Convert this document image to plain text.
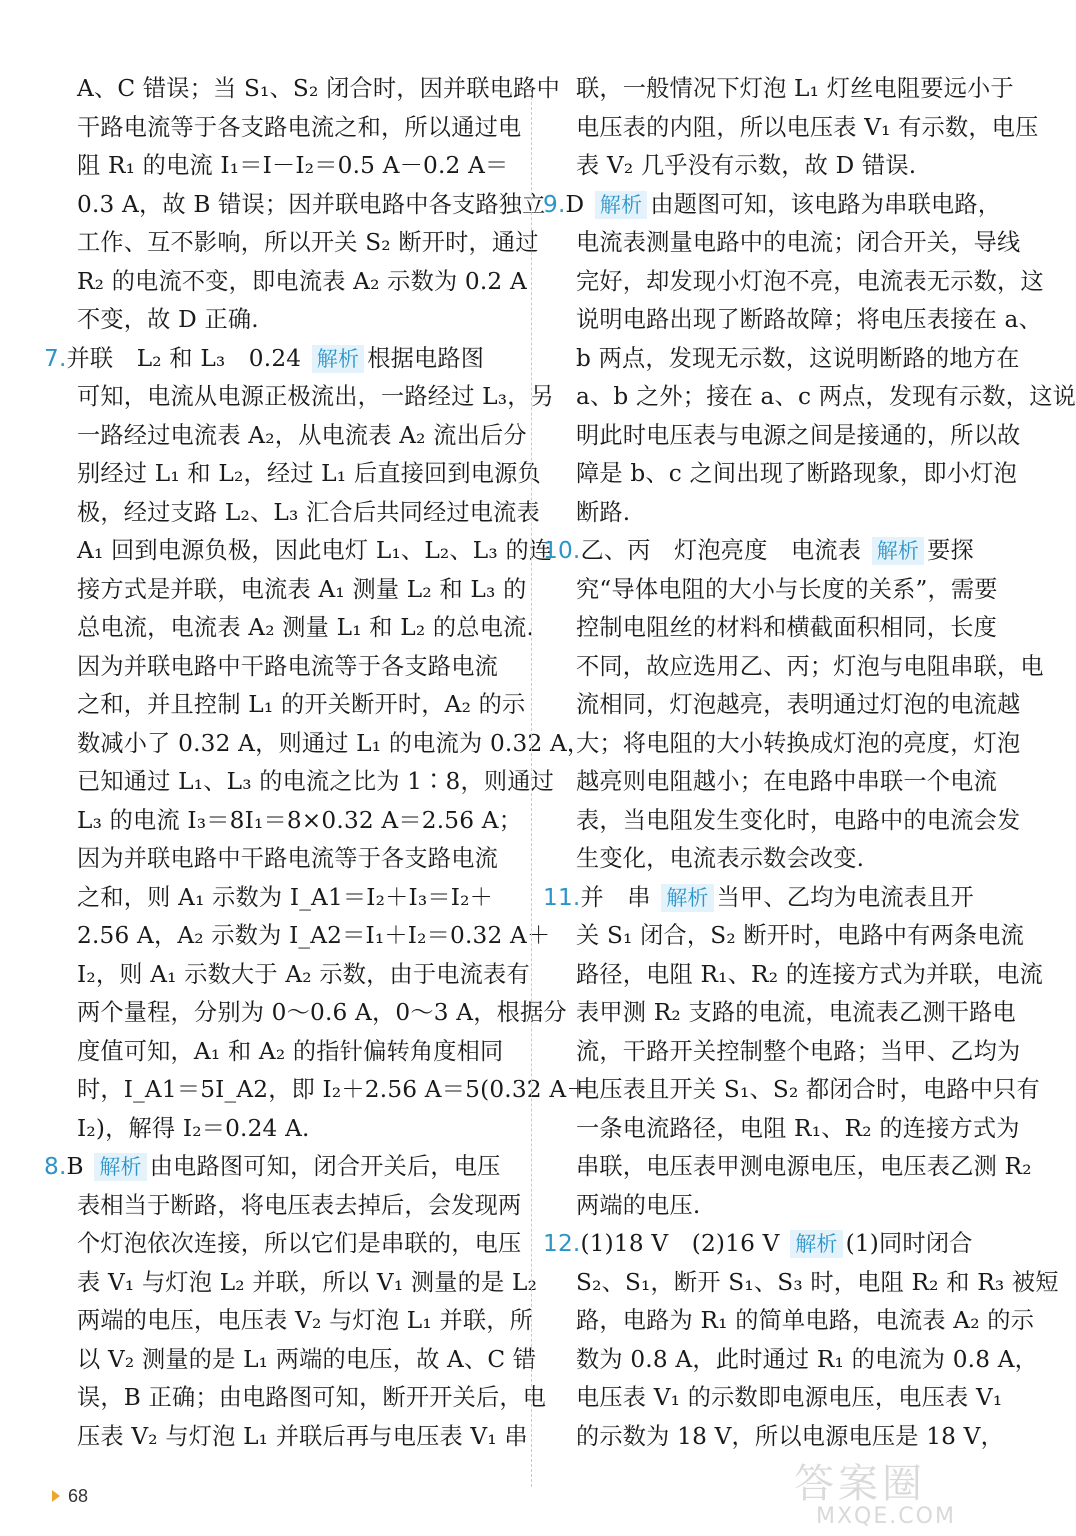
A、C 错误；当 S₁、S₂ 闭合时，因并联电路中
干路电流等于各支路电流之和，所以通过电
阻 R₁ 的电流 I₁＝I－I₂＝0.5 A－0.2 A＝
0.3 A，故 B 错误；因并联电路中各支路独立
工作、互不影响，所以开关 S₂ 断开时，通过
R₂ 的电流不变，即电流表 A₂ 示数为 0.2 A
不变，故 D 正确.
7.并联　L₂ 和 L₃　0.24 解析 根据电路图
可知，电流从电源正极流出，一路经过 L₃，另
一路经过电流表 A₂，从电流表 A₂ 流出后分
别经过 L₁ 和 L₂，经过 L₁ 后直接回到电源负
极，经过支路 L₂、L₃ 汇合后共同经过电流表
A₁ 回到电源负极，因此电灯 L₁、L₂、L₃ 的连
接方式是并联，电流表 A₁ 测量 L₂ 和 L₃ 的
总电流，电流表 A₂ 测量 L₁ 和 L₂ 的总电流.
因为并联电路中干路电流等于各支路电流
之和，并且控制 L₁ 的开关断开时，A₂ 的示
数减小了 0.32 A，则通过 L₁ 的电流为 0.32 A，
已知通过 L₁、L₃ 的电流之比为 1∶8，则通过
L₃ 的电流 I₃＝8I₁＝8×0.32 A＝2.56 A；
因为并联电路中干路电流等于各支路电流
之和，则 A₁ 示数为 I_A1＝I₂＋I₃＝I₂＋
2.56 A，A₂ 示数为 I_A2＝I₁＋I₂＝0.32 A＋
I₂，则 A₁ 示数大于 A₂ 示数，由于电流表有
两个量程，分别为 0～0.6 A，0～3 A，根据分
度值可知，A₁ 和 A₂ 的指针偏转角度相同
时，I_A1＝5I_A2，即 I₂＋2.56 A＝5(0.32 A＋
I₂)，解得 I₂＝0.24 A.
8.B 解析 由电路图可知，闭合开关后，电压
表相当于断路，将电压表去掉后，会发现两
个灯泡依次连接，所以它们是串联的，电压
表 V₁ 与灯泡 L₂ 并联，所以 V₁ 测量的是 L₂
两端的电压，电压表 V₂ 与灯泡 L₁ 并联，所
以 V₂ 测量的是 L₁ 两端的电压，故 A、C 错
误，B 正确；由电路图可知，断开开关后，电
压表 V₂ 与灯泡 L₁ 并联后再与电压表 V₁ 串
联，一般情况下灯泡 L₁ 灯丝电阻要远小于
电压表的内阻，所以电压表 V₁ 有示数，电压
表 V₂ 几乎没有示数，故 D 错误.
9.D 解析 由题图可知，该电路为串联电路，
电流表测量电路中的电流；闭合开关，导线
完好，却发现小灯泡不亮，电流表无示数，这
说明电路出现了断路故障；将电压表接在 a、
b 两点，发现无示数，这说明断路的地方在
a、b 之外；接在 a、c 两点，发现有示数，这说
明此时电压表与电源之间是接通的，所以故
障是 b、c 之间出现了断路现象，即小灯泡
断路.
10.乙、丙　灯泡亮度　电流表 解析 要探
究“导体电阻的大小与长度的关系”，需要
控制电阻丝的材料和横截面积相同，长度
不同，故应选用乙、丙；灯泡与电阻串联，电
流相同，灯泡越亮，表明通过灯泡的电流越
大；将电阻的大小转换成灯泡的亮度，灯泡
越亮则电阻越小；在电路中串联一个电流
表，当电阻发生变化时，电路中的电流会发
生变化，电流表示数会改变.
11.并　串 解析 当甲、乙均为电流表且开
关 S₁ 闭合，S₂ 断开时，电路中有两条电流
路径，电阻 R₁、R₂ 的连接方式为并联，电流
表甲测 R₂ 支路的电流，电流表乙测干路电
流，干路开关控制整个电路；当甲、乙均为
电压表且开关 S₁、S₂ 都闭合时，电路中只有
一条电流路径，电阻 R₁、R₂ 的连接方式为
串联，电压表甲测电源电压，电压表乙测 R₂
两端的电压.
12.(1)18 V　(2)16 V 解析 (1)同时闭合
S₂、S₁，断开 S₁、S₃ 时，电阻 R₂ 和 R₃ 被短
路，电路为 R₁ 的简单电路，电流表 A₂ 的示
数为 0.8 A，此时通过 R₁ 的电流为 0.8 A，
电压表 V₁ 的示数即电源电压，电压表 V₁
的示数为 18 V，所以电源电压是 18 V，
68	答案圈
MXQE.COM
